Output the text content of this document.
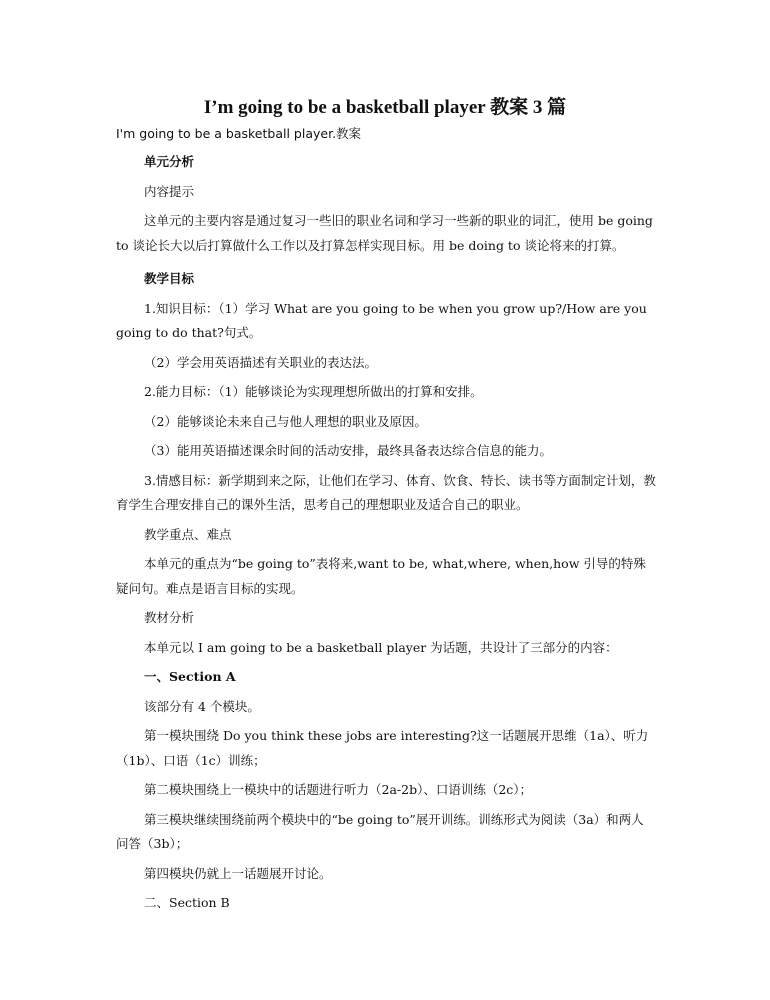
I’m going to be a basketball player 教案 3 篇

I'm going to be a basketball player.教案

单元分析

内容提示

这单元的主要内容是通过复习一些旧的职业名词和学习一些新的职业的词汇，使用 be going to 谈论长大以后打算做什么工作以及打算怎样实现目标。用 be doing to 谈论将来的打算。

教学目标

1.知识目标：（1）学习 What are you going to be when you grow up?/How are you going to do that?句式。

（2）学会用英语描述有关职业的表达法。

2.能力目标：（1）能够谈论为实现理想所做出的打算和安排。

（2）能够谈论未来自己与他人理想的职业及原因。

（3）能用英语描述课余时间的活动安排，最终具备表达综合信息的能力。

3.情感目标：新学期到来之际，让他们在学习、体育、饮食、特长、读书等方面制定计划，教育学生合理安排自己的课外生活，思考自己的理想职业及适合自己的职业。

教学重点、难点

本单元的重点为“be going to”表将来,want to be, what,where, when,how 引导的特殊疑问句。难点是语言目标的实现。

教材分析

本单元以 I am going to be a basketball player 为话题，共设计了三部分的内容：

一、Section A

该部分有 4 个模块。

第一模块围绕 Do you think these jobs are interesting?这一话题展开思维（1a）、听力（1b）、口语（1c）训练；

第二模块围绕上一模块中的话题进行听力（2a-2b）、口语训练（2c）；

第三模块继续围绕前两个模块中的“be going to”展开训练。训练形式为阅读（3a）和两人问答（3b）；

第四模块仍就上一话题展开讨论。

二、Section B
